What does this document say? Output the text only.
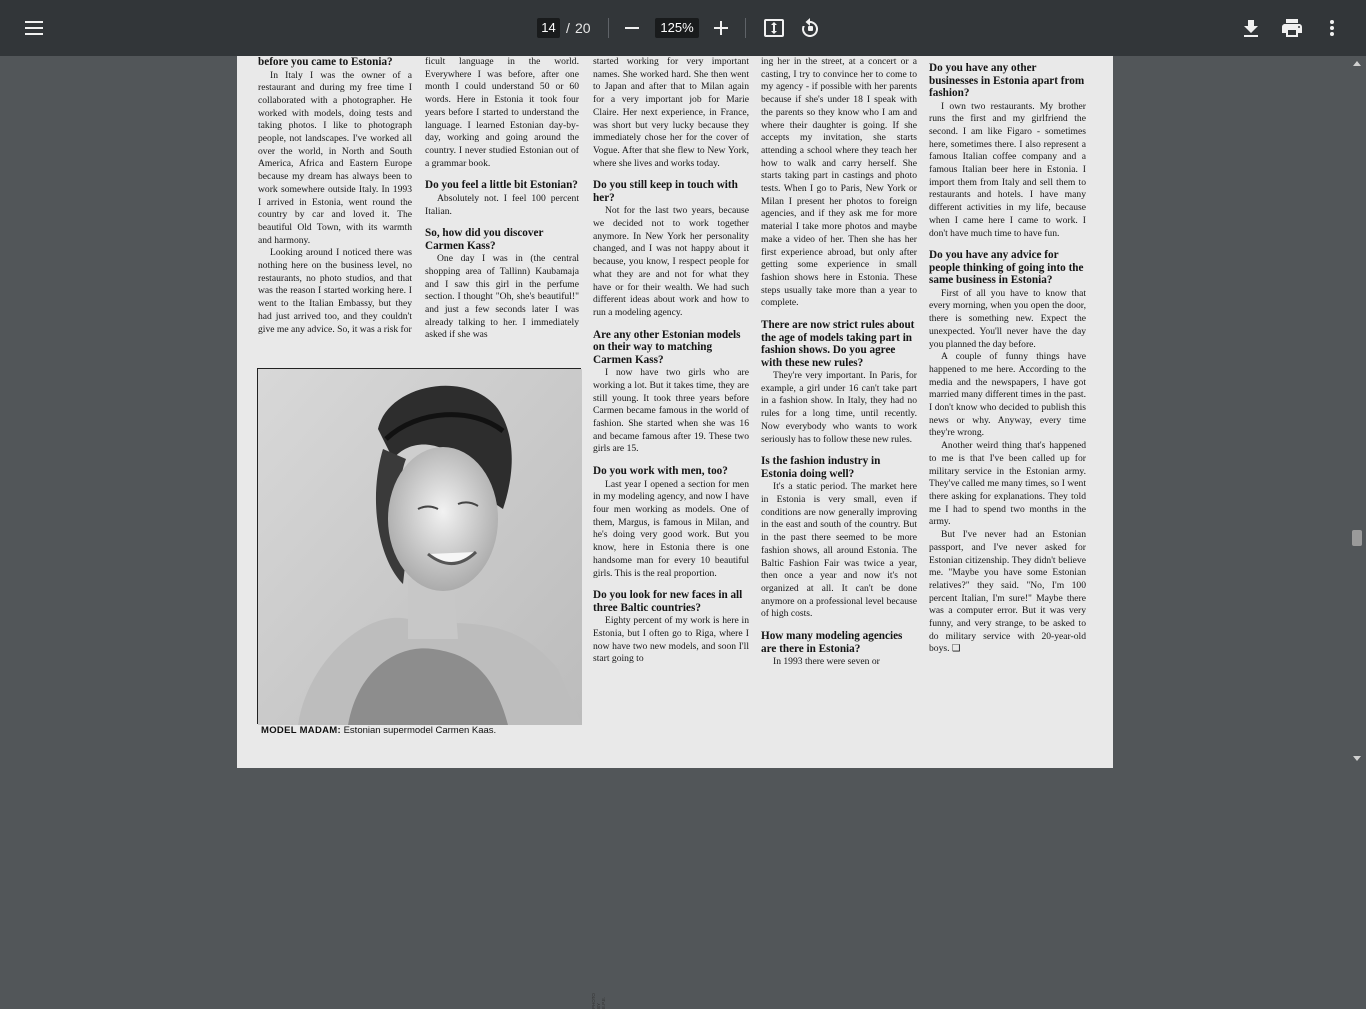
14 / 20	125%
before you came to Estonia?

In Italy I was the owner of a restaurant and during my free time I collaborated with a photographer. He worked with models, doing tests and taking photos. I like to photograph people, not landscapes. I've worked all over the world, in North and South America, Africa and Eastern Europe because my dream has always been to work somewhere outside Italy. In 1993 I arrived in Estonia, went round the country by car and loved it. The beautiful Old Town, with its warmth and harmony.

Looking around I noticed there was nothing here on the business level, no restaurants, no photo studios, and that was the reason I started working here. I went to the Italian Embassy, but they had just arrived too, and they couldn't give me any advice. So, it was a risk for

PHOTO BY E.P.E.
MODEL MADAM: Estonian supermodel Carmen Kaas.

ficult language in the world. Everywhere I was before, after one month I could understand 50 or 60 words. Here in Estonia it took four years before I started to understand the language. I learned Estonian day-by-day, working and going around the country. I never studied Estonian out of a grammar book.

Do you feel a little bit Estonian?

Absolutely not. I feel 100 percent Italian.

So, how did you discover Carmen Kass?

One day I was in (the central shopping area of Tallinn) Kaubamaja and I saw this girl in the perfume section. I thought "Oh, she's beautiful!" and just a few seconds later I was already talking to her. I immediately asked if she was

started working for very important names. She worked hard. She then went to Japan and after that to Milan again for a very important job for Marie Claire. Her next experience, in France, was short but very lucky because they immediately chose her for the cover of Vogue. After that she flew to New York, where she lives and works today.

Do you still keep in touch with her?

Not for the last two years, because we decided not to work together anymore. In New York her personality changed, and I was not happy about it because, you know, I respect people for what they are and not for what they have or for their wealth. We had such different ideas about work and how to run a modeling agency.

Are any other Estonian models on their way to matching Carmen Kass?

I now have two girls who are working a lot. But it takes time, they are still young. It took three years before Carmen became famous in the world of fashion. She started when she was 16 and became famous after 19. These two girls are 15.

Do you work with men, too?

Last year I opened a section for men in my modeling agency, and now I have four men working as models. One of them, Margus, is famous in Milan, and he's doing very good work. But you know, here in Estonia there is one handsome man for every 10 beautiful girls. This is the real proportion.

Do you look for new faces in all three Baltic countries?

Eighty percent of my work is here in Estonia, but I often go to Riga, where I now have two new models, and soon I'll start going to

ing her in the street, at a concert or a casting, I try to convince her to come to my agency - if possible with her parents because if she's under 18 I speak with the parents so they know who I am and where their daughter is going. If she accepts my invitation, she starts attending a school where they teach her how to walk and carry herself. She starts taking part in castings and photo tests. When I go to Paris, New York or Milan I present her photos to foreign agencies, and if they ask me for more material I take more photos and maybe make a video of her. Then she has her first experience abroad, but only after getting some experience in small fashion shows here in Estonia. These steps usually take more than a year to complete.

There are now strict rules about the age of models taking part in fashion shows. Do you agree with these new rules?

They're very important. In Paris, for example, a girl under 16 can't take part in a fashion show. In Italy, they had no rules for a long time, until recently. Now everybody who wants to work seriously has to follow these new rules.

Is the fashion industry in Estonia doing well?

It's a static period. The market here in Estonia is very small, even if conditions are now generally improving in the east and south of the country. But in the past there seemed to be more fashion shows, all around Estonia. The Baltic Fashion Fair was twice a year, then once a year and now it's not organized at all. It can't be done anymore on a professional level because of high costs.

How many modeling agencies are there in Estonia?

In 1993 there were seven or

Do you have any other businesses in Estonia apart from fashion?

I own two restaurants. My brother runs the first and my girlfriend the second. I am like Figaro - sometimes here, sometimes there. I also represent a famous Italian coffee company and a famous Italian beer here in Estonia. I import them from Italy and sell them to restaurants and hotels. I have many different activities in my life, because when I came here I came to work. I don't have much time to have fun.

Do you have any advice for people thinking of going into the same business in Estonia?

First of all you have to know that every morning, when you open the door, there is something new. Expect the unexpected. You'll never have the day you planned the day before.

A couple of funny things have happened to me here. According to the media and the newspapers, I have got married many different times in the past. I don't know who decided to publish this news or why. Anyway, every time they're wrong.

Another weird thing that's happened to me is that I've been called up for military service in the Estonian army. They've called me many times, so I went there asking for explanations. They told me I had to spend two months in the army.

But I've never had an Estonian passport, and I've never asked for Estonian citizenship. They didn't believe me. "Maybe you have some Estonian relatives?" they said. "No, I'm 100 percent Italian, I'm sure!" Maybe there was a computer error. But it was very funny, and very strange, to be asked to do military service with 20-year-old boys. ❑
